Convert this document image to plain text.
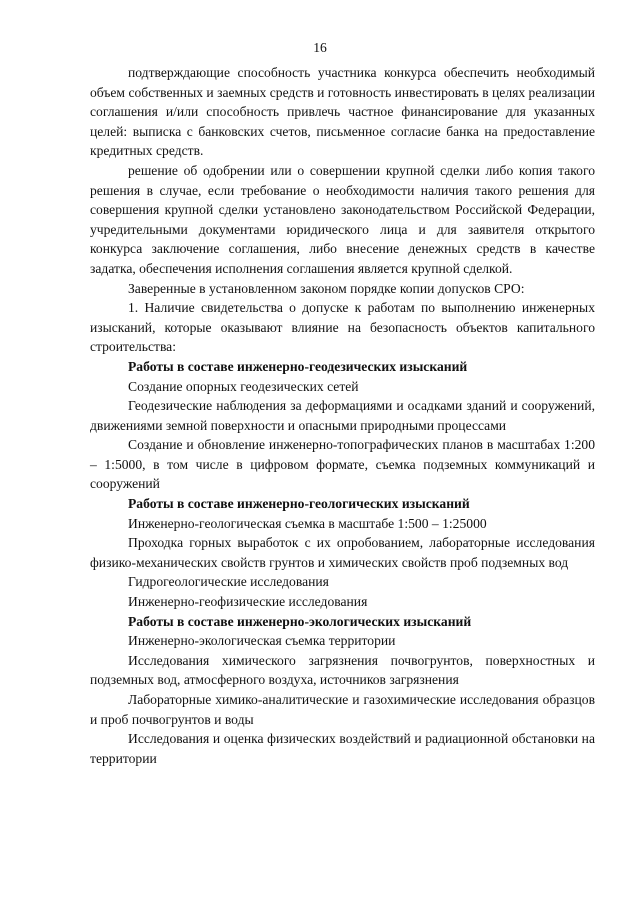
16

подтверждающие способность участника конкурса обеспечить необходимый объем собственных и заемных средств и готовность инвестировать в целях реализации соглашения и/или способность привлечь частное финансирование для указанных целей: выписка с банковских счетов, письменное согласие банка на предоставление кредитных средств.

решение об одобрении или о совершении крупной сделки либо копия такого решения в случае, если требование о необходимости наличия такого решения для совершения крупной сделки установлено законодательством Российской Федерации, учредительными документами юридического лица и для заявителя открытого конкурса заключение соглашения, либо внесение денежных средств в качестве задатка, обеспечения исполнения соглашения является крупной сделкой.

Заверенные в установленном законом порядке копии допусков СРО:

1. Наличие свидетельства о допуске к работам по выполнению инженерных изысканий, которые оказывают влияние на безопасность объектов капитального строительства:

Работы в составе инженерно-геодезических изысканий

Создание опорных геодезических сетей

Геодезические наблюдения за деформациями и осадками зданий и сооружений, движениями земной поверхности и опасными природными процессами

Создание и обновление инженерно-топографических планов в масштабах 1:200 – 1:5000, в том числе в цифровом формате, съемка подземных коммуникаций и сооружений

Работы в составе инженерно-геологических изысканий

Инженерно-геологическая съемка в масштабе 1:500 – 1:25000

Проходка горных выработок с их опробованием, лабораторные исследования физико-механических свойств грунтов и химических свойств проб подземных вод

Гидрогеологические исследования

Инженерно-геофизические исследования

Работы в составе инженерно-экологических изысканий

Инженерно-экологическая съемка территории

Исследования химического загрязнения почвогрунтов, поверхностных и подземных вод, атмосферного воздуха, источников загрязнения

Лабораторные химико-аналитические и газохимические исследования образцов и проб почвогрунтов и воды

Исследования и оценка физических воздействий и радиационной обстановки на территории
